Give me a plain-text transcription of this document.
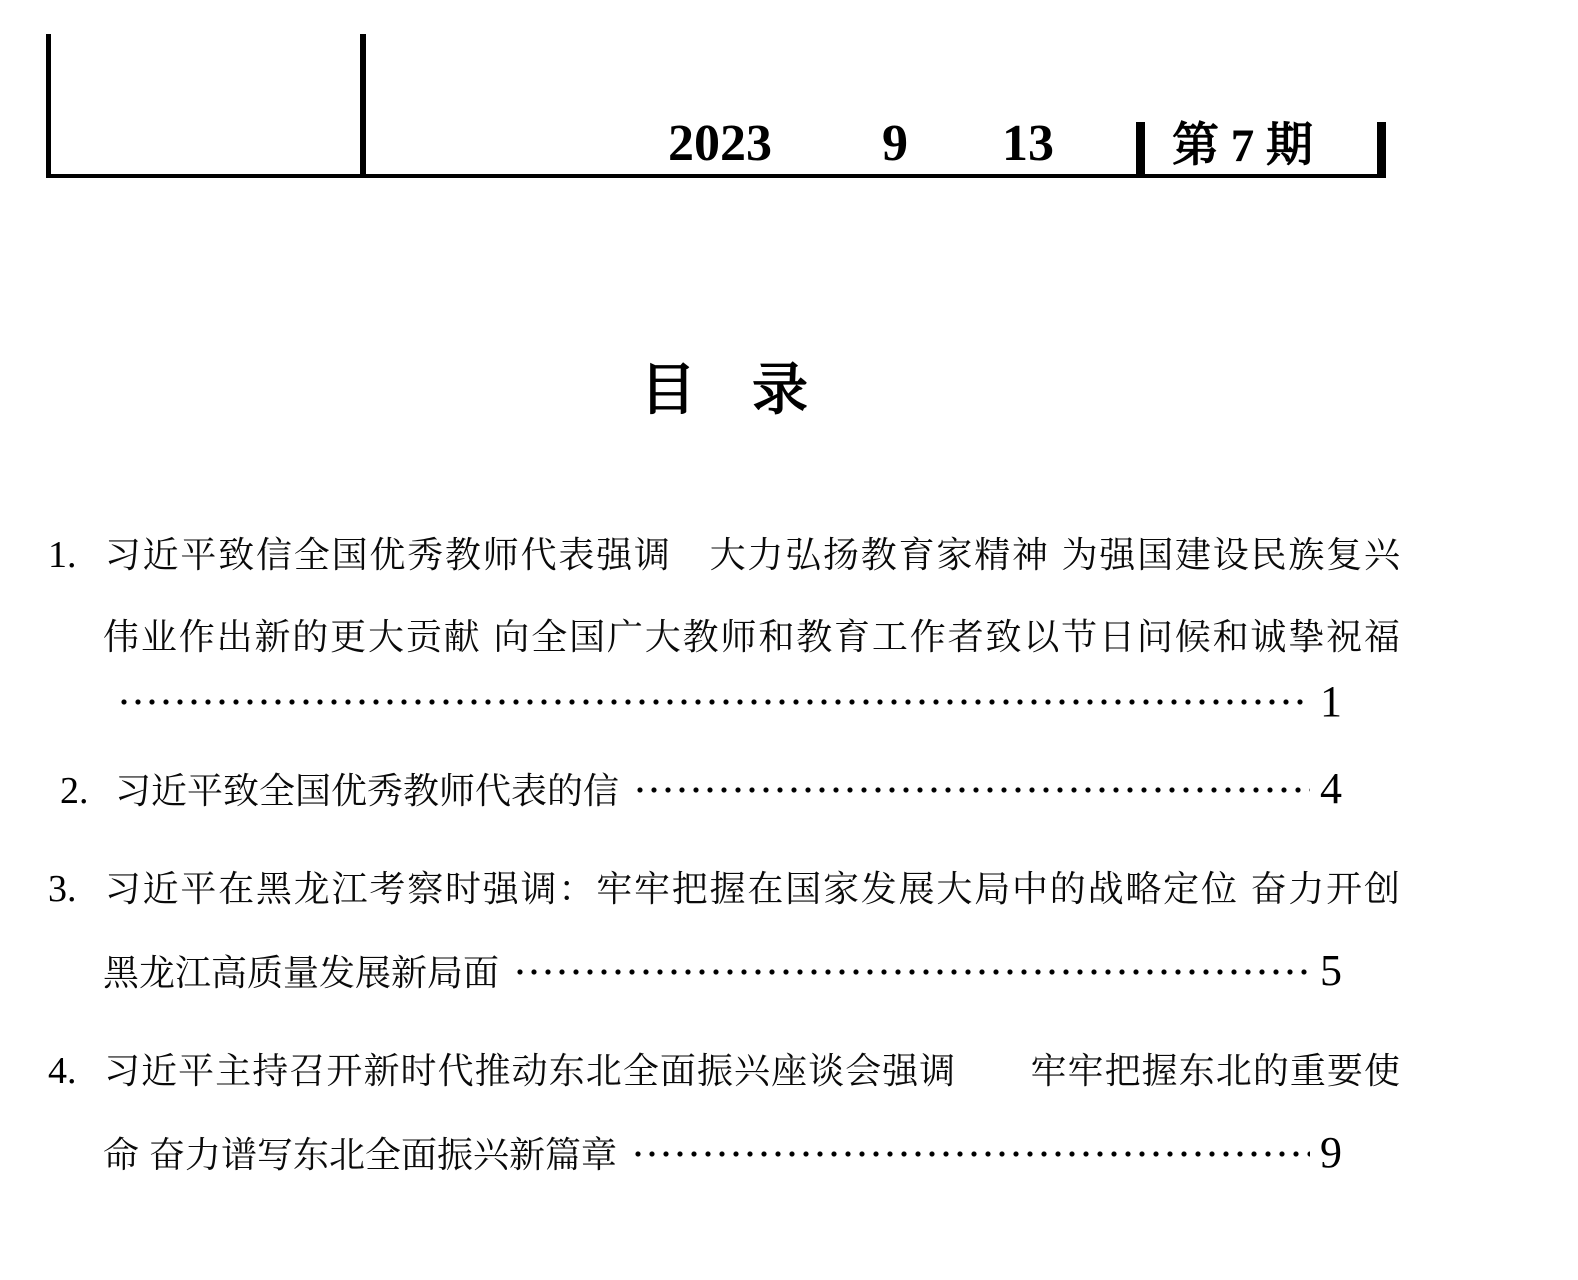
2023 9 13	第 7 期
目　录
1. 习近平致信全国优秀教师代表强调　大力弘扬教育家精神 为强国建设民族复兴
伟业作出新的更大贡献 向全国广大教师和教育工作者致以节日问候和诚挚祝福
1
2. 习近平致全国优秀教师代表的信	4
3. 习近平在黑龙江考察时强调：牢牢把握在国家发展大局中的战略定位 奋力开创
黑龙江高质量发展新局面	5
4. 习近平主持召开新时代推动东北全面振兴座谈会强调　　牢牢把握东北的重要使
命 奋力谱写东北全面振兴新篇章	9
